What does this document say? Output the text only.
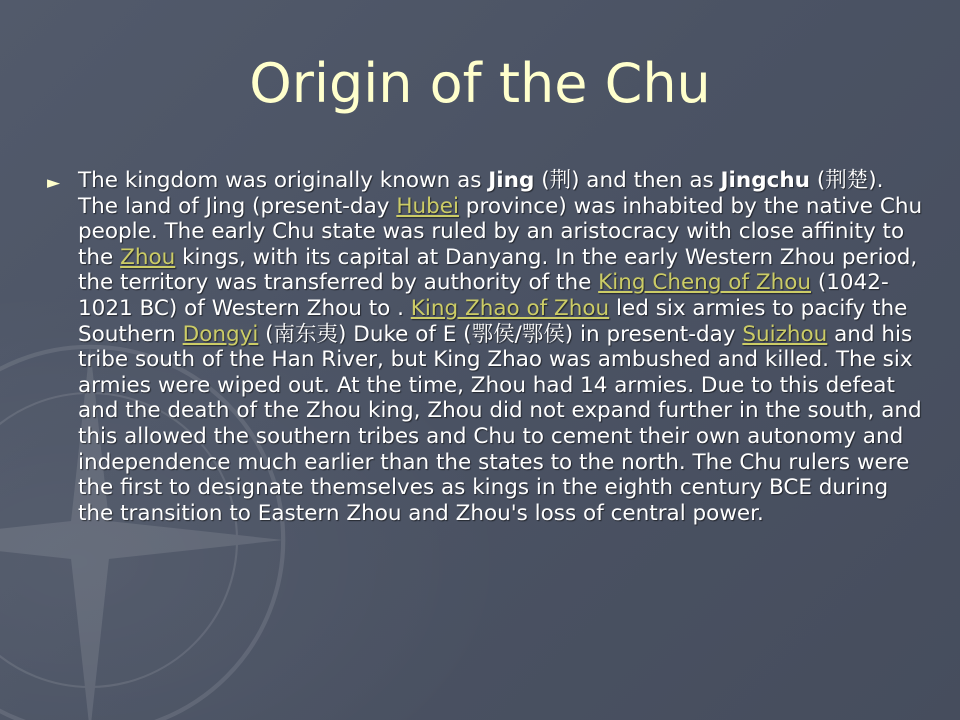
Origin of the Chu
► The kingdom was originally known as Jing (荆) and then as Jingchu (荆楚). The land of Jing (present-day Hubei province) was inhabited by the native Chu people. The early Chu state was ruled by an aristocracy with close affinity to the Zhou kings, with its capital at Danyang. In the early Western Zhou period, the territory was transferred by authority of the King Cheng of Zhou (1042-1021 BC) of Western Zhou to . King Zhao of Zhou led six armies to pacify the Southern Dongyi (南东夷) Duke of E (鄂侯/鄂侯) in present-day Suizhou and his tribe south of the Han River, but King Zhao was ambushed and killed. The six armies were wiped out. At the time, Zhou had 14 armies. Due to this defeat and the death of the Zhou king, Zhou did not expand further in the south, and this allowed the southern tribes and Chu to cement their own autonomy and independence much earlier than the states to the north. The Chu rulers were the first to designate themselves as kings in the eighth century BCE during the transition to Eastern Zhou and Zhou's loss of central power.
